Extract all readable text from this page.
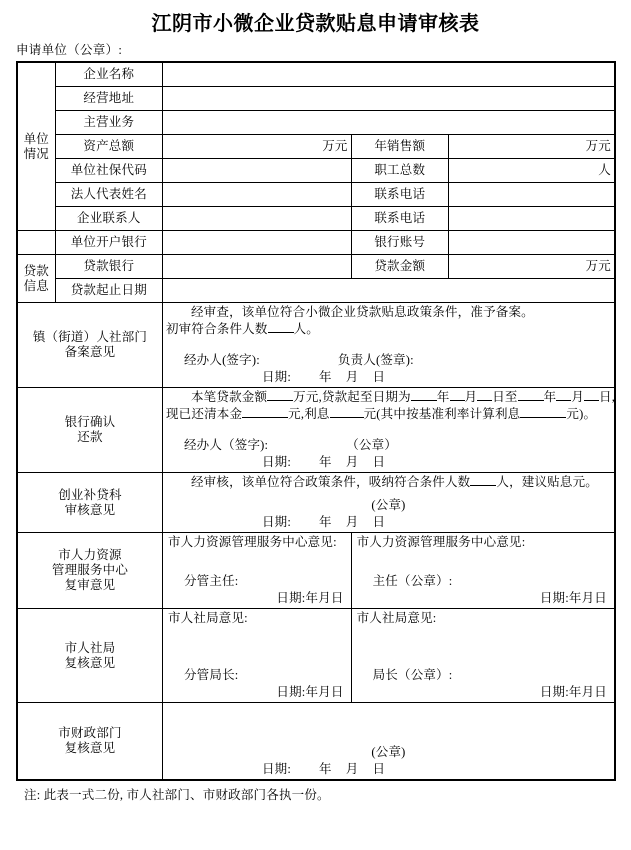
江阴市小微企业贷款贴息申请审核表
申请单位（公章）:
单位情况	企业名称			
	经营地址			
	主营业务			
	资产总额	万元	年销售额	万元
	单位社保代码		职工总数	人
	法人代表姓名		联系电话	
	企业联系人		联系电话	
	单位开户银行		银行账号	
贷款信息	贷款银行		贷款金额	万元
	贷款起止日期			

镇（街道）人社部门
备案意见

经审查，该单位符合小微企业贷款贴息政策条件，准予备案。
初审符合条件人数 人。
经办人(签字):	负责人(签章):
日期: 年 月 日

银行确认
还款

本笔贷款金额 万元,贷款起至日期为 年 月 日至 年 月 日,
现已还清本金	元,利息	元(其中按基准利率计算利息	元)。
经办人（签字):	（公章）
日期: 年 月 日

创业补贷科
审核意见

经审核，该单位符合政策条件，吸纳符合条件人数 人，建议贴息元。
(公章)
日期: 年 月 日

市人力资源
管理服务中心
复审意见

市人力资源管理服务中心意见:
分管主任:
日期:年月日

市人力资源管理服务中心意见:
主任（公章）:
日期:年月日

市人社局
复核意见

市人社局意见:
分管局长:
日期:年月日

市人社局意见:
局长（公章）:
日期:年月日

市财政部门
复核意见	(公章)
日期: 年 月 日
注: 此表一式二份, 市人社部门、市财政部门各执一份。
